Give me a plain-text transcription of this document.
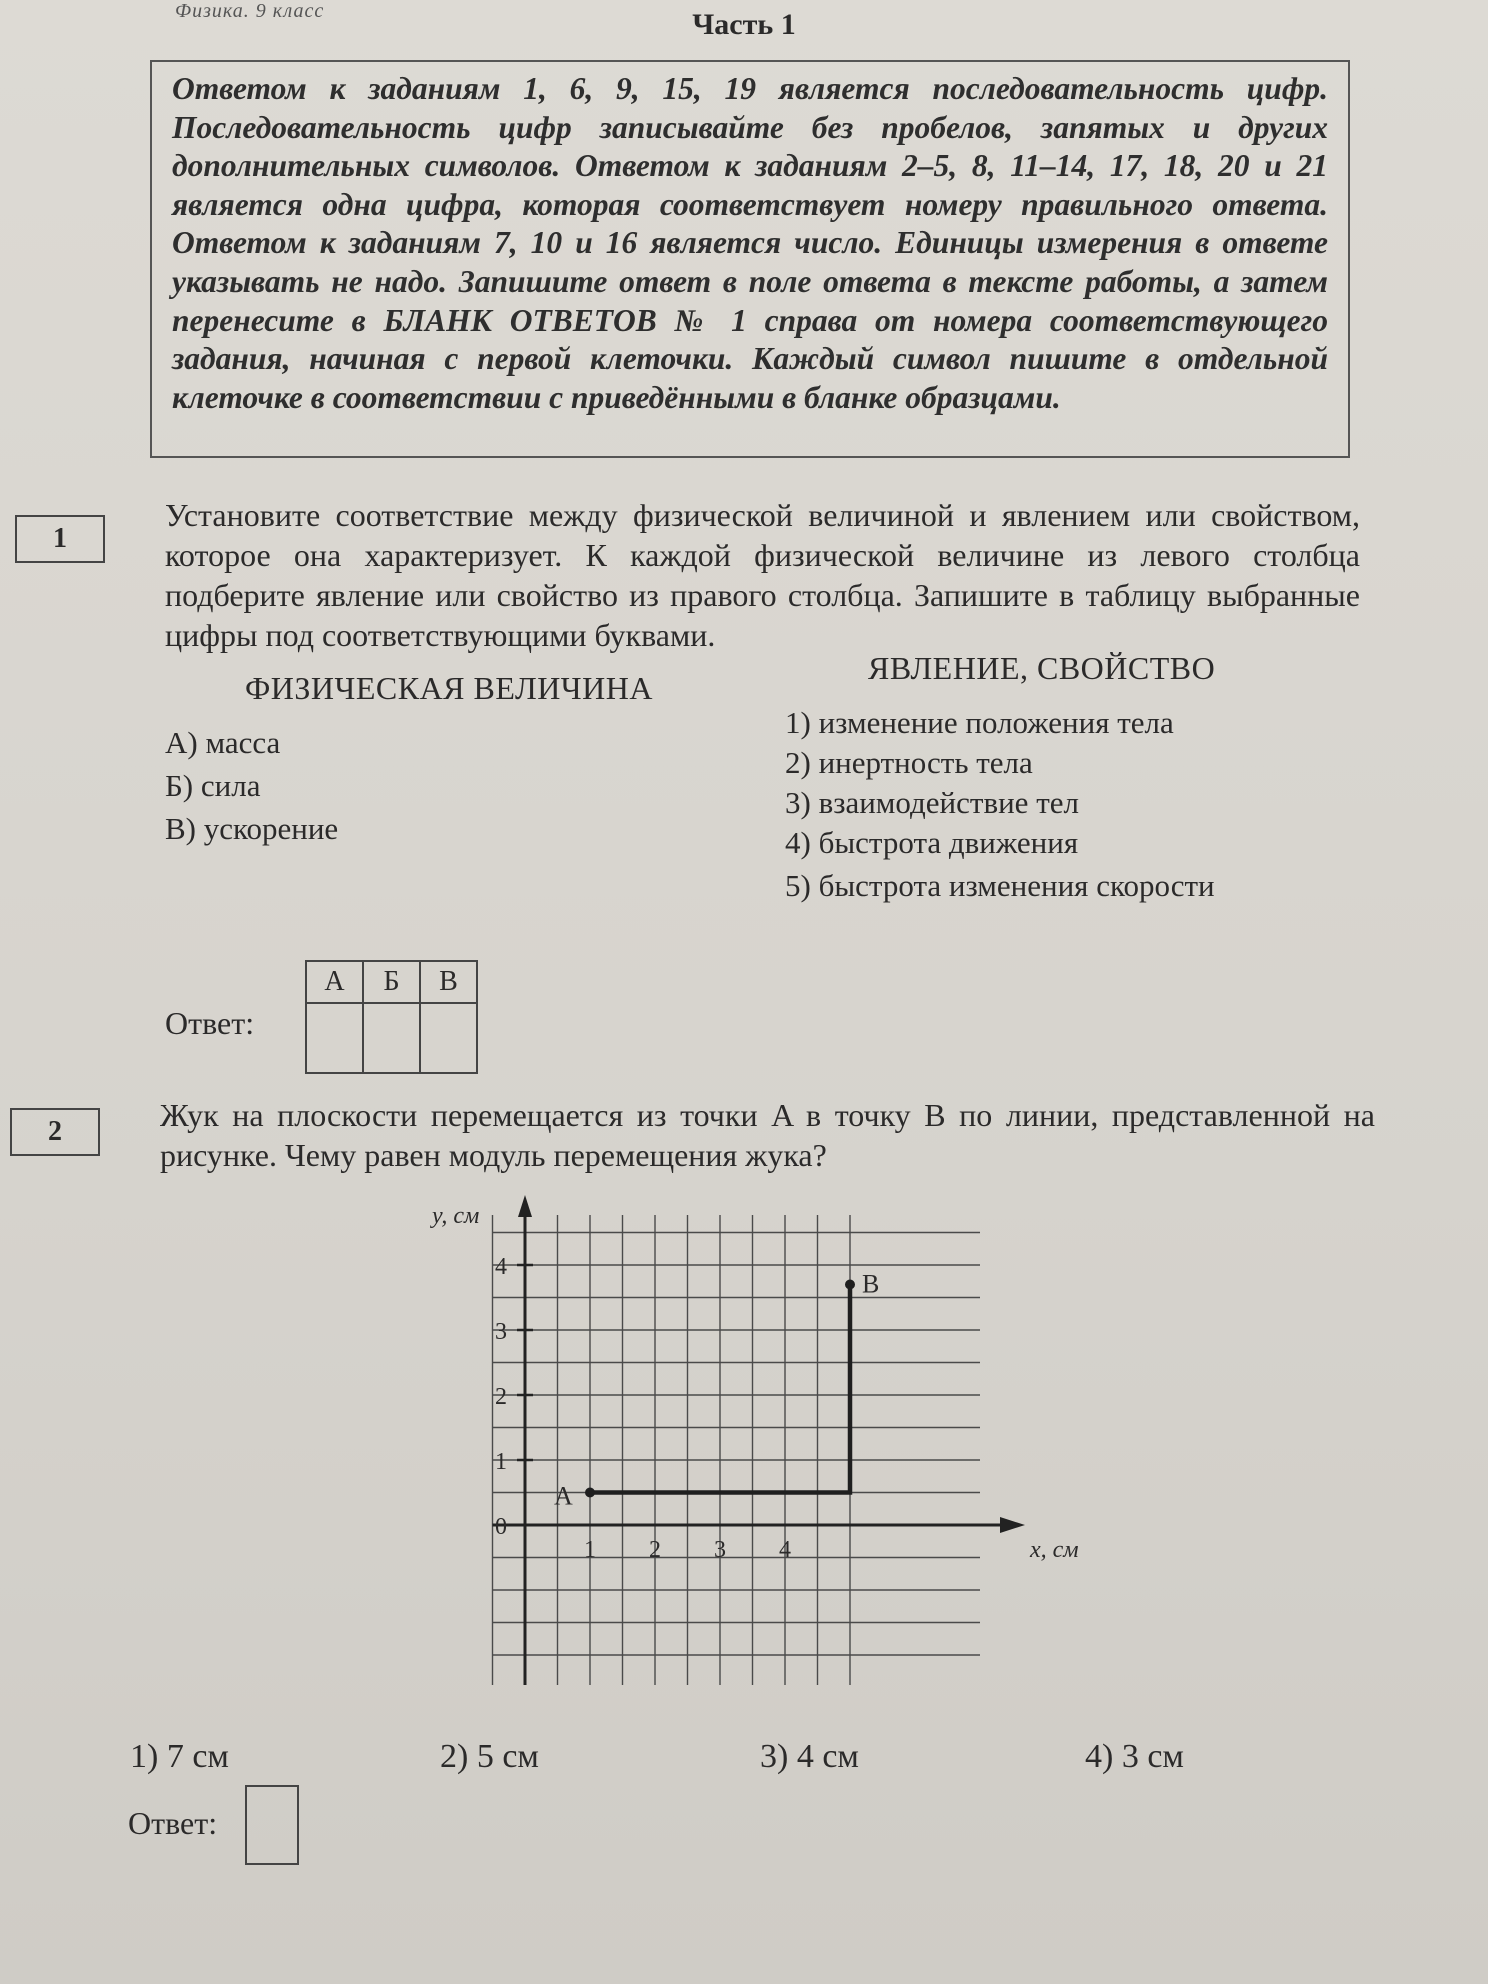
Физика. 9 класс	Часть 1
Ответом к заданиям 1, 6, 9, 15, 19 является последовательность цифр. Последовательность цифр записывайте без пробелов, запятых и других дополнительных символов. Ответом к заданиям 2–5, 8, 11–14, 17, 18, 20 и 21 является одна цифра, которая соответствует номеру правильного ответа. Ответом к заданиям 7, 10 и 16 является число. Единицы измерения в ответе указывать не надо. Запишите ответ в поле ответа в тексте работы, а затем перенесите в БЛАНК ОТВЕТОВ № 1 справа от номера соответствующего задания, начиная с первой клеточки. Каждый символ пишите в отдельной клеточке в соответствии с приведёнными в бланке образцами.
1
Установите соответствие между физической величиной и явлением или свойством, которое она характеризует. К каждой физической величине из левого столбца подберите явление или свойство из правого столбца. Запишите в таблицу выбранные цифры под соответствующими буквами.
ФИЗИЧЕСКАЯ ВЕЛИЧИНА
ЯВЛЕНИЕ, СВОЙСТВО
А) масса
Б) сила
В) ускорение
1) изменение положения тела
2) инертность тела
3) взаимодействие тел
4) быстрота движения
5) быстрота изменения скорости
Ответ:
А	Б	В

2	Жук на плоскости перемещается из точки A в точку B по линии, представленной на рисунке. Чему равен модуль перемещения жука?
0
1
2
3
4
1 2 3 4
A
B
y, см
x, см
1) 7 см	2) 5 см	3) 4 см	4) 3 см
Ответ:
